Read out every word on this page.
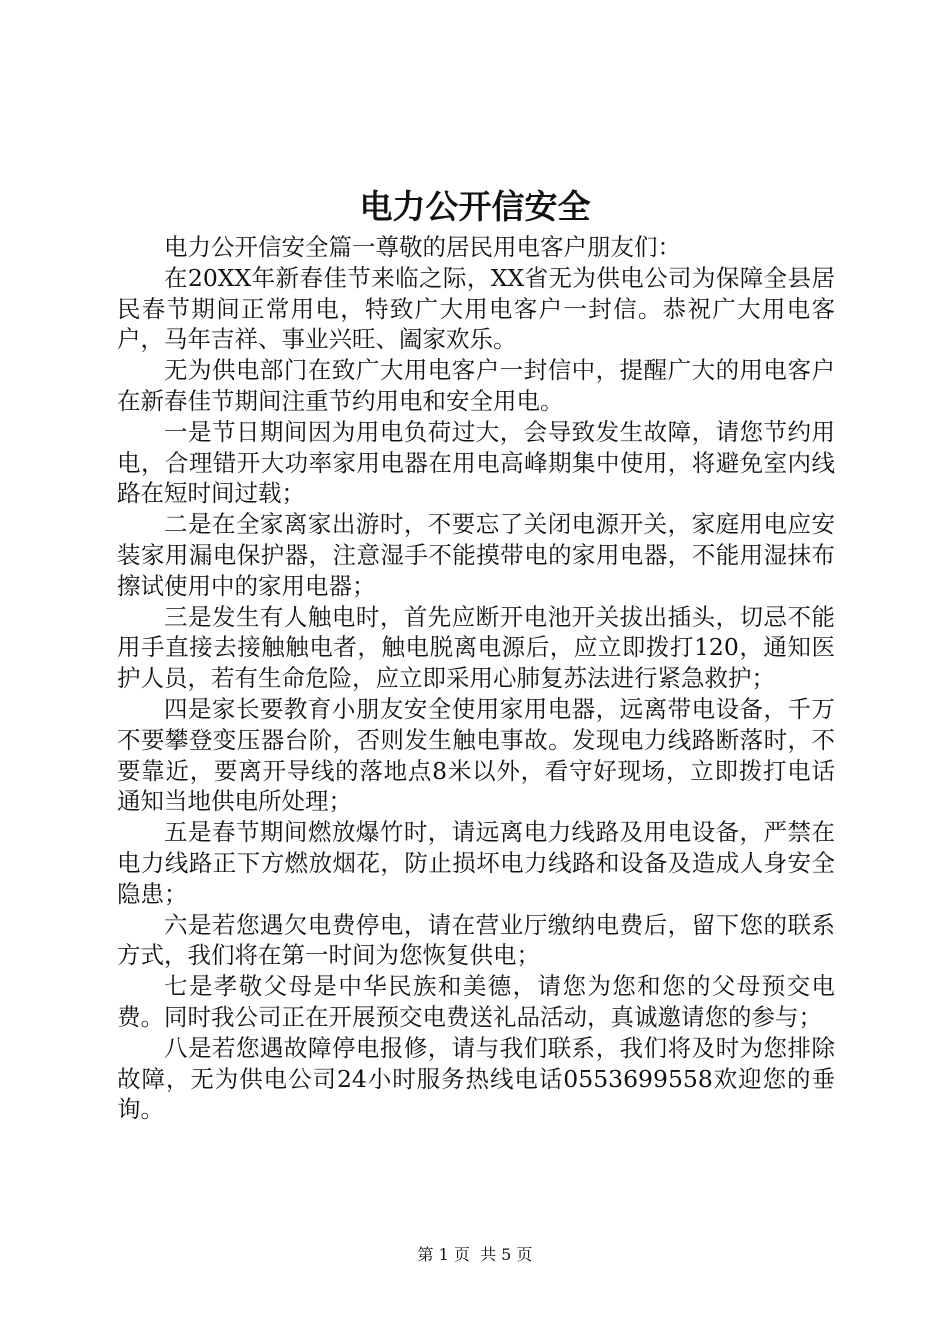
电力公开信安全

电力公开信安全篇一尊敬的居民用电客户朋友们：

在20XX年新春佳节来临之际，XX省无为供电公司为保障全县居民春节期间正常用电，特致广大用电客户一封信。恭祝广大用电客户，马年吉祥、事业兴旺、阖家欢乐。

无为供电部门在致广大用电客户一封信中，提醒广大的用电客户在新春佳节期间注重节约用电和安全用电。

一是节日期间因为用电负荷过大，会导致发生故障，请您节约用电，合理错开大功率家用电器在用电高峰期集中使用，将避免室内线路在短时间过载；

二是在全家离家出游时，不要忘了关闭电源开关，家庭用电应安装家用漏电保护器，注意湿手不能摸带电的家用电器，不能用湿抹布擦试使用中的家用电器；

三是发生有人触电时，首先应断开电池开关拔出插头，切忌不能用手直接去接触触电者，触电脱离电源后，应立即拨打120，通知医护人员，若有生命危险，应立即采用心肺复苏法进行紧急救护；

四是家长要教育小朋友安全使用家用电器，远离带电设备，千万不要攀登变压器台阶，否则发生触电事故。发现电力线路断落时，不要靠近，要离开导线的落地点8米以外，看守好现场，立即拨打电话通知当地供电所处理；

五是春节期间燃放爆竹时，请远离电力线路及用电设备，严禁在电力线路正下方燃放烟花，防止损坏电力线路和设备及造成人身安全隐患；

六是若您遇欠电费停电，请在营业厅缴纳电费后，留下您的联系方式，我们将在第一时间为您恢复供电；

七是孝敬父母是中华民族和美德，请您为您和您的父母预交电费。同时我公司正在开展预交电费送礼品活动，真诚邀请您的参与；

八是若您遇故障停电报修，请与我们联系，我们将及时为您排除故障，无为供电公司24小时服务热线电话0553699558欢迎您的垂询。

第 1 页  共 5 页
